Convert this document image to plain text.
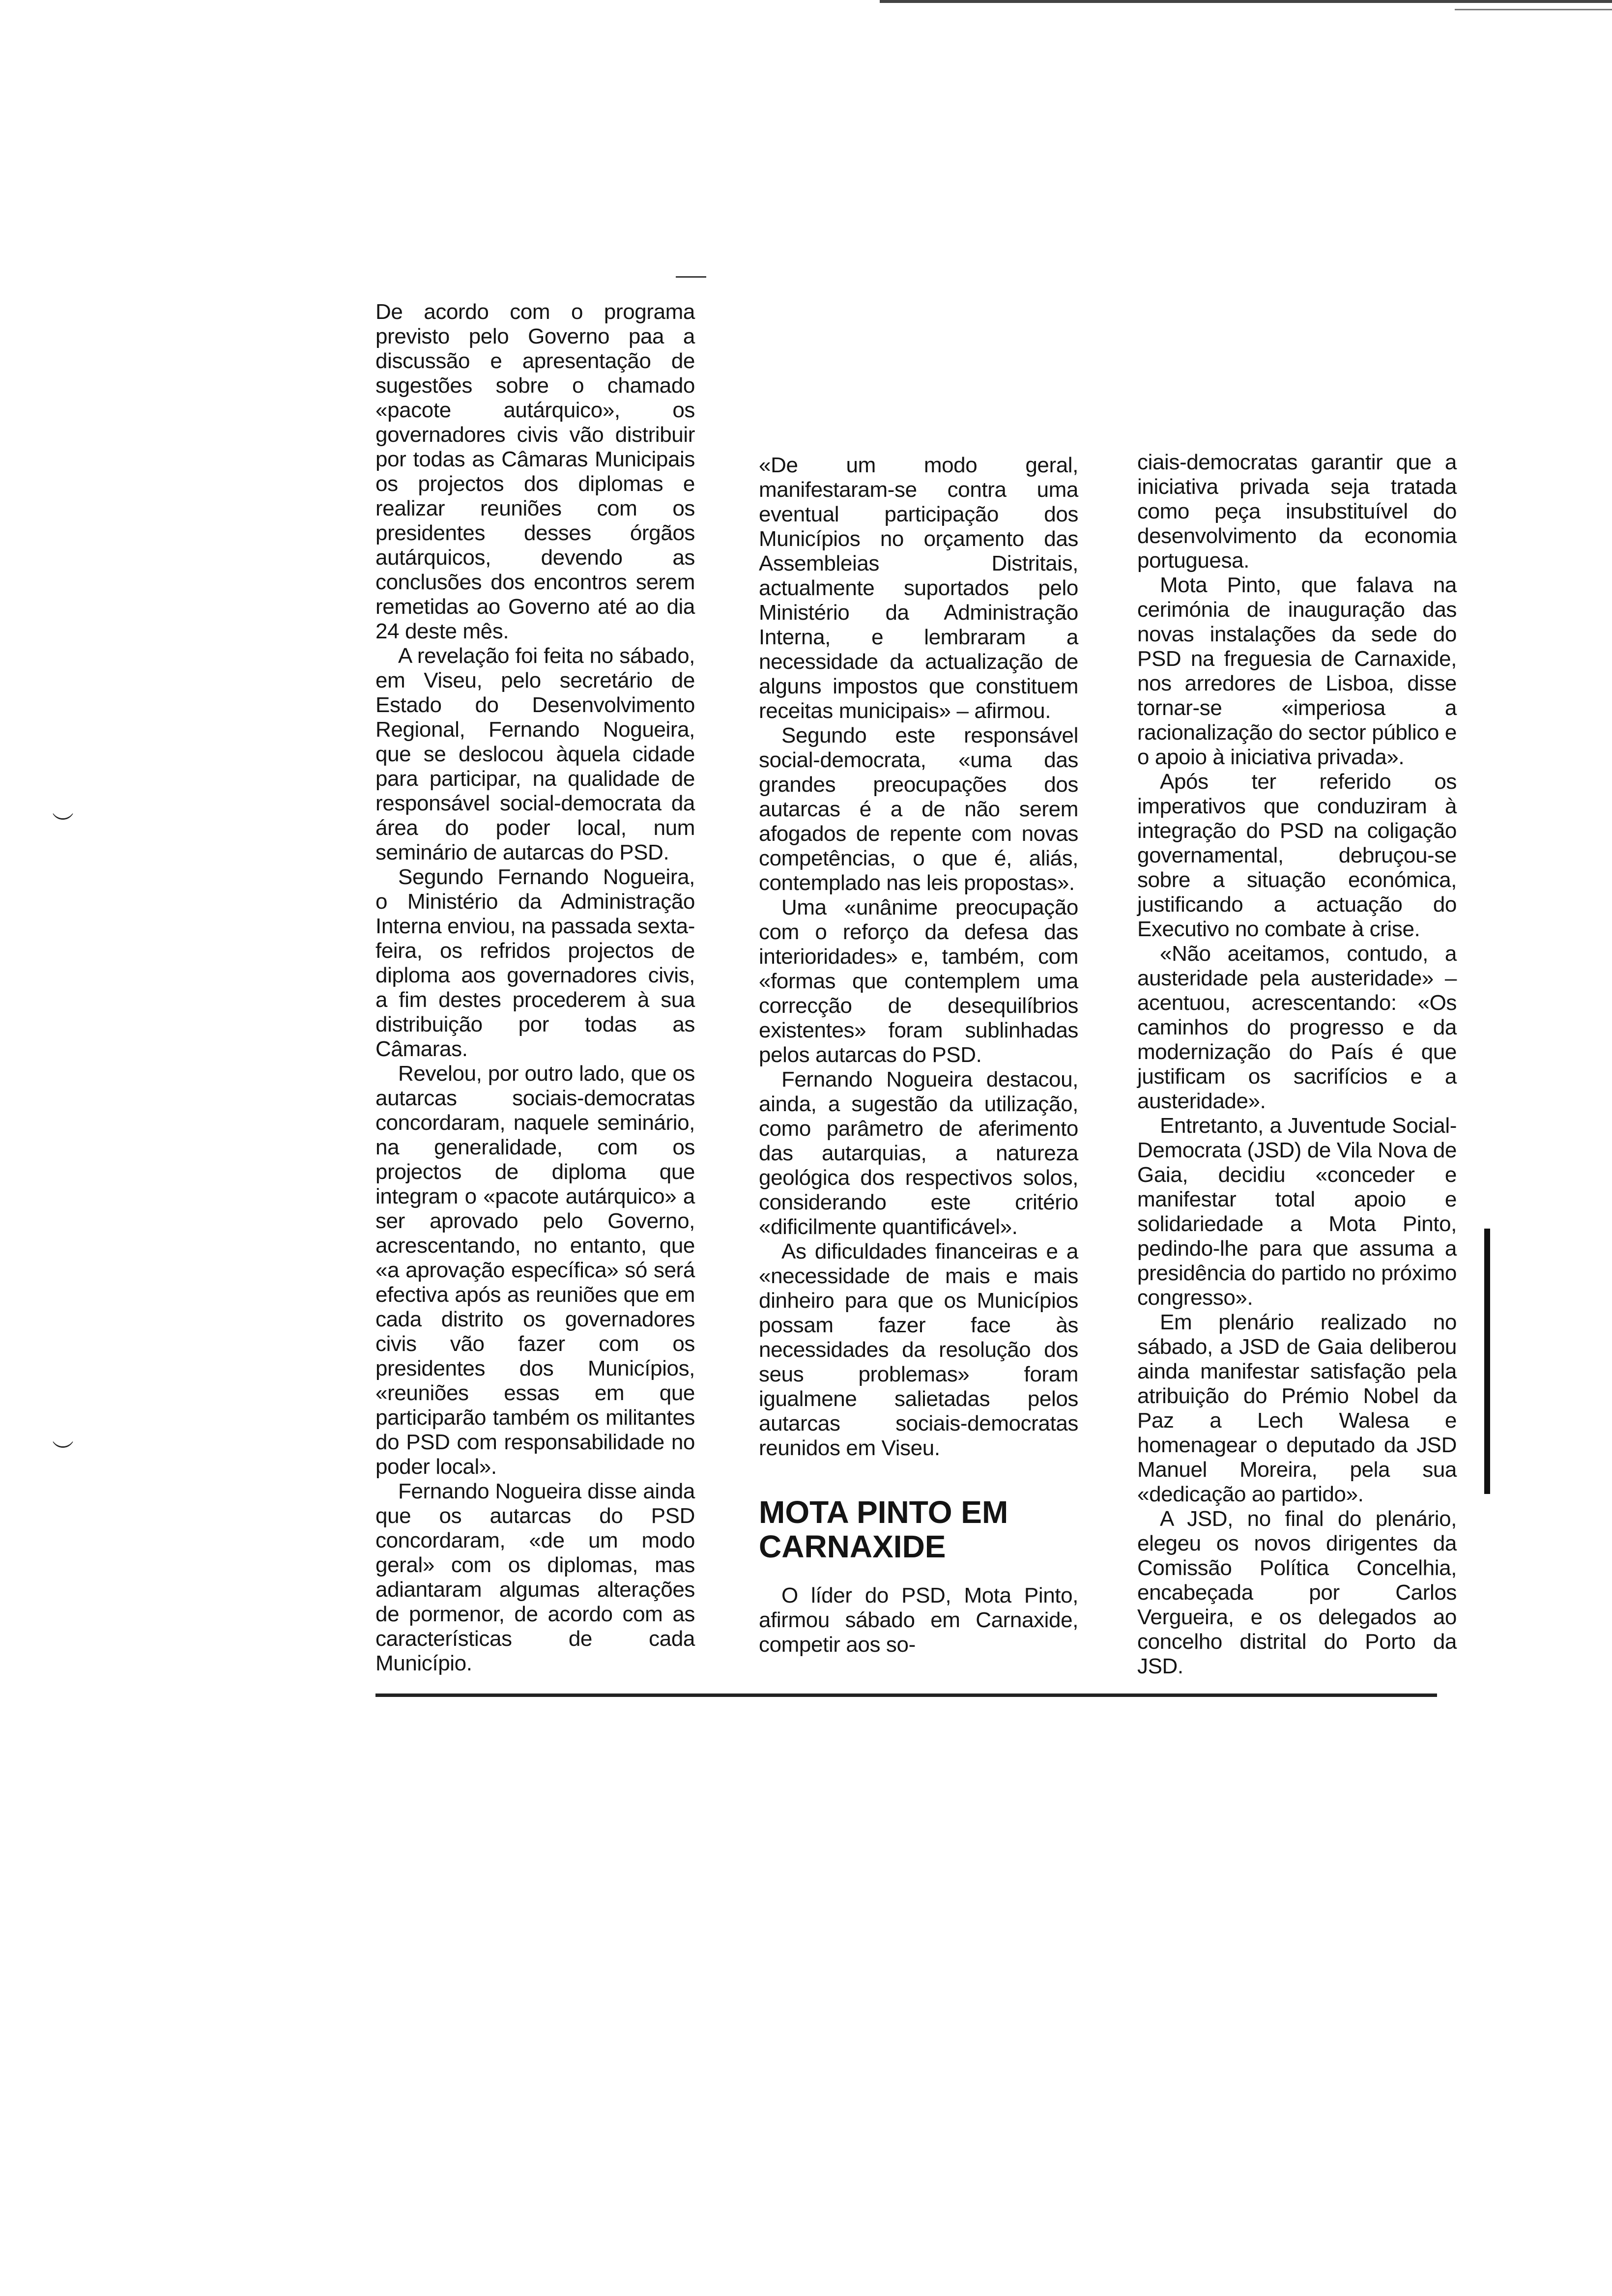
︶
︶

De acordo com o programa previsto pelo Governo paa a discussão e apresentação de sugestões sobre o chamado «pacote autárquico», os governadores civis vão distribuir por todas as Câmaras Municipais os projectos dos diplomas e realizar reuniões com os presidentes desses órgãos autárquicos, devendo as conclusões dos encontros serem remetidas ao Governo até ao dia 24 deste mês.

A revelação foi feita no sábado, em Viseu, pelo secretário de Estado do Desenvolvimento Regional, Fernando Nogueira, que se deslocou àquela cidade para participar, na qualidade de responsável social-democrata da área do poder local, num seminário de autarcas do PSD.

Segundo Fernando Nogueira, o Ministério da Administração Interna enviou, na passada sexta-feira, os refridos projectos de diploma aos governadores civis, a fim destes procederem à sua distribuição por todas as Câmaras.

Revelou, por outro lado, que os autarcas sociais-democratas concordaram, naquele seminário, na generalidade, com os projectos de diploma que integram o «pacote autárquico» a ser aprovado pelo Governo, acrescentando, no entanto, que «a aprovação específica» só será efectiva após as reuniões que em cada distrito os governadores civis vão fazer com os presidentes dos Municípios, «reuniões essas em que participarão também os militantes do PSD com responsabilidade no poder local».

Fernando Nogueira disse ainda que os autarcas do PSD concordaram, «de um modo geral» com os diplomas, mas adiantaram algumas alterações de pormenor, de acordo com as características de cada Município.

«De um modo geral, manifestaram-se contra uma eventual participação dos Municípios no orçamento das Assembleias Distritais, actualmente suportados pelo Ministério da Administração Interna, e lembraram a necessidade da actualização de alguns impostos que constituem receitas municipais» – afirmou.

Segundo este responsável social-democrata, «uma das grandes preocupações dos autarcas é a de não serem afogados de repente com novas competências, o que é, aliás, contemplado nas leis propostas».

Uma «unânime preocupação com o reforço da defesa das interioridades» e, também, com «formas que contemplem uma correcção de desequilíbrios existentes» foram sublinhadas pelos autarcas do PSD.

Fernando Nogueira destacou, ainda, a sugestão da utilização, como parâmetro de aferimento das autarquias, a natureza geológica dos respectivos solos, considerando este critério «dificilmente quantificável».

As dificuldades financeiras e a «necessidade de mais e mais dinheiro para que os Municípios possam fazer face às necessidades da resolução dos seus problemas» foram igualmene salietadas pelos autarcas sociais-democratas reunidos em Viseu.

MOTA PINTO EM CARNAXIDE

O líder do PSD, Mota Pinto, afirmou sábado em Carnaxide, competir aos so-

ciais-democratas garantir que a iniciativa privada seja tratada como peça insubstituível do desenvolvimento da economia portuguesa.

Mota Pinto, que falava na cerimónia de inauguração das novas instalações da sede do PSD na freguesia de Carnaxide, nos arredores de Lisboa, disse tornar-se «imperiosa a racionalização do sector público e o apoio à iniciativa privada».

Após ter referido os imperativos que conduziram à integração do PSD na coligação governamental, debruçou-se sobre a situação económica, justificando a actuação do Executivo no combate à crise.

«Não aceitamos, contudo, a austeridade pela austeridade» – acentuou, acrescentando: «Os caminhos do progresso e da modernização do País é que justificam os sacrifícios e a austeridade».

Entretanto, a Juventude Social-Democrata (JSD) de Vila Nova de Gaia, decidiu «conceder e manifestar total apoio e solidariedade a Mota Pinto, pedindo-lhe para que assuma a presidência do partido no próximo congresso».

Em plenário realizado no sábado, a JSD de Gaia deliberou ainda manifestar satisfação pela atribuição do Prémio Nobel da Paz a Lech Walesa e homenagear o deputado da JSD Manuel Moreira, pela sua «dedicação ao partido».

A JSD, no final do plenário, elegeu os novos dirigentes da Comissão Política Concelhia, encabeçada por Carlos Vergueira, e os delegados ao concelho distrital do Porto da JSD.
